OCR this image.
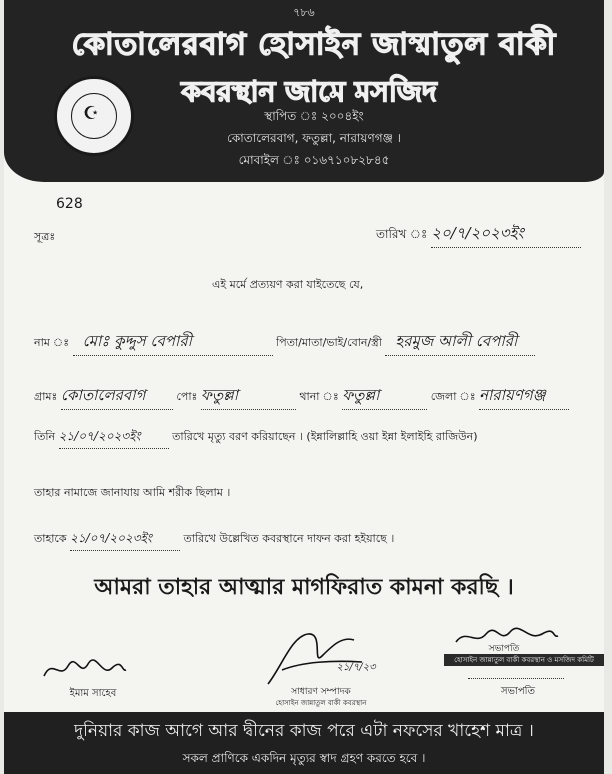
৭৮৬
কোতালেরবাগ হোসাইন জাম্মাতুল বাকী
কবরস্থান জামে মসজিদ
স্থাপিত ঃ ২০০৪ইং
কোতালেরবাগ, ফতুল্লা, নারায়ণগঞ্জ ।
মোবাইল ঃ ০১৬৭১০৮২৮৪৫
☪
628
সূত্রঃ	তারিখ ঃ ২০/৭/২০২৩ইং
এই মর্মে প্রত্যয়ণ করা যাইতেছে যে,
নাম ঃ মোঃ কুদ্দুস বেপারী	পিতা/মাতা/ভাই/বোন/স্ত্রী হরমুজ আলী বেপারী
গ্রামঃ কোতালেরবাগ	পোঃ ফতুল্লা	থানা ঃ ফতুল্লা	জেলা ঃ নারায়ণগঞ্জ
তিনি ২১/০৭/২০২৩ইং	তারিখে মৃত্যু বরণ করিয়াছেন । (ইন্নালিল্লাহি ওয়া ইন্না ইলাইহি রাজিউন)
তাহার নামাজে জানাযায় আমি শরীক ছিলাম ।
তাহাকে ২১/০৭/২০২৩ইং	তারিখে উল্লেখিত কবরস্থানে দাফন করা হইয়াছে ।
আমরা তাহার আত্মার মাগফিরাত কামনা করছি ।
ইমাম সাহেব
২১/৭/২৩
সাধারণ সম্পাদক
হোসাইন জান্নাতুল বাকী কবরস্থান
সভাপতি
হোসাইন জান্নাতুল বাকী কবরস্থান ও মসজিদ কমিটি
সভাপতি
দুনিয়ার কাজ আগে আর দ্বীনের কাজ পরে এটা নফসের খাহেশ মাত্র ।
সকল প্রাণিকে একদিন মৃত্যুর স্বাদ গ্রহণ করতে হবে ।
